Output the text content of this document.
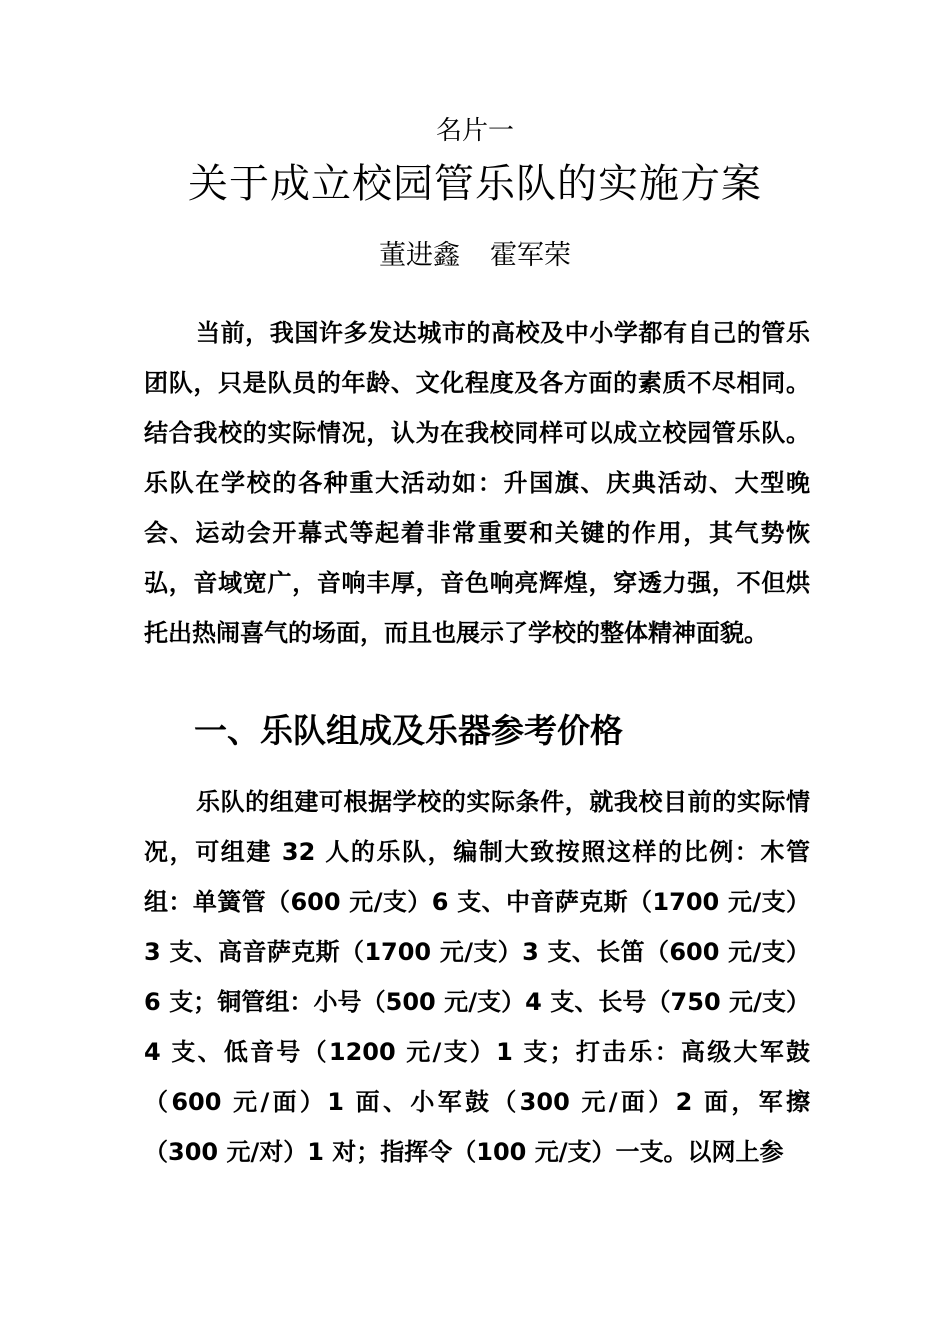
名片一
关于成立校园管乐队的实施方案
董进鑫 霍军荣

当前，我国许多发达城市的高校及中小学都有自己的管乐团队，只是队员的年龄、文化程度及各方面的素质不尽相同。结合我校的实际情况，认为在我校同样可以成立校园管乐队。乐队在学校的各种重大活动如：升国旗、庆典活动、大型晚会、运动会开幕式等起着非常重要和关键的作用，其气势恢弘，音域宽广，音响丰厚，音色响亮辉煌，穿透力强，不但烘托出热闹喜气的场面，而且也展示了学校的整体精神面貌。

一、乐队组成及乐器参考价格

乐队的组建可根据学校的实际条件，就我校目前的实际情况，可组建 32 人的乐队，编制大致按照这样的比例：木管组：单簧管（600 元/支）6 支、中音萨克斯（1700 元/支）3 支、高音萨克斯（1700 元/支）3 支、长笛（600 元/支）6 支；铜管组：小号（500 元/支）4 支、长号（750 元/支）4 支、低音号（1200 元/支）1 支；打击乐：高级大军鼓（600 元/面）1 面、小军鼓（300 元/面）2 面，军擦（300 元/对）1 对；指挥令（100 元/支）一支。以网上参
